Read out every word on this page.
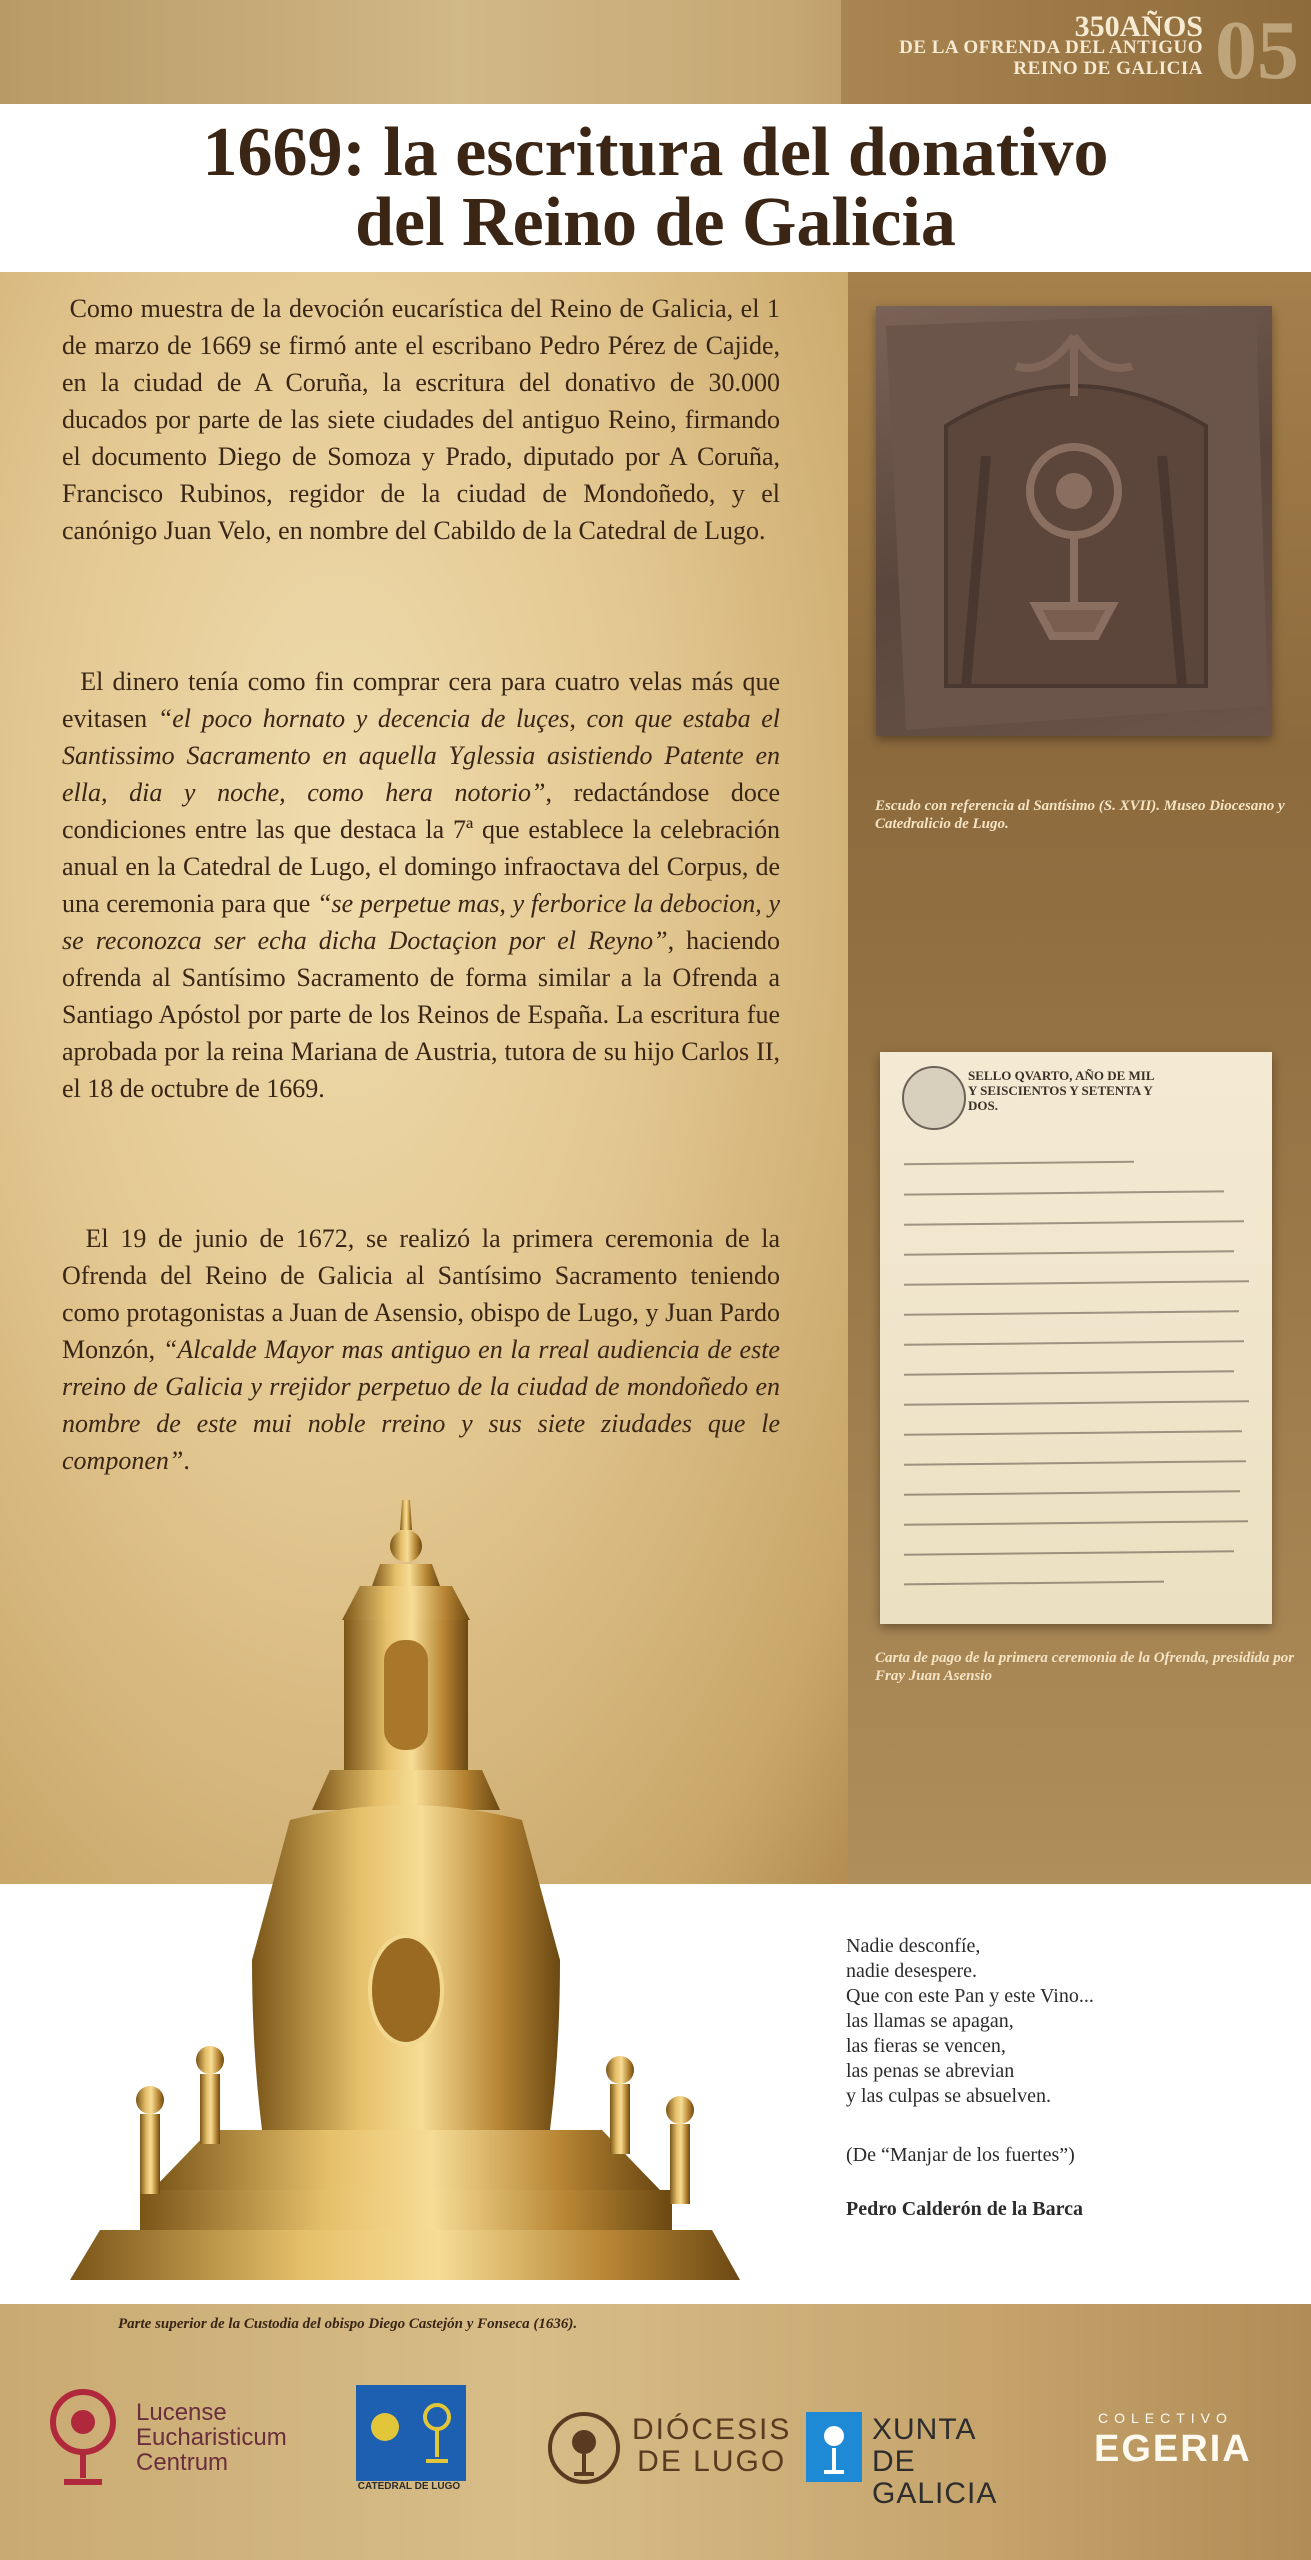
350AÑOS
DE LA OFRENDA DEL ANTIGUO
REINO DE GALICIA 05
1669: la escritura del donativo
del Reino de Galicia

Como muestra de la devoción eucarística del Reino de Galicia, el 1 de marzo de 1669 se firmó ante el escribano Pedro Pérez de Cajide, en la ciudad de A Coruña, la escritura del donativo de 30.000 ducados por parte de las siete ciudades del antiguo Reino, firmando el documento Diego de Somoza y Prado, diputado por A Coruña, Francisco Rubinos, regidor de la ciudad de Mondoñedo, y el canónigo Juan Velo, en nombre del Cabildo de la Catedral de Lugo.

El dinero tenía como fin comprar cera para cuatro velas más que evitasen “el poco hornato y decencia de luçes, con que estaba el Santissimo Sacramento en aquella Yglessia asistiendo Patente en ella, dia y noche, como hera notorio”, redactándose doce condiciones entre las que destaca la 7ª que establece la celebración anual en la Catedral de Lugo, el domingo infraoctava del Corpus, de una ceremonia para que “se perpetue mas, y ferborice la debocion, y se reconozca ser echa dicha Doctaçion por el Reyno”, haciendo ofrenda al Santísimo Sacramento de forma similar a la Ofrenda a Santiago Apóstol por parte de los Reinos de España. La escritura fue aprobada por la reina Mariana de Austria, tutora de su hijo Carlos II, el 18 de octubre de 1669.

El 19 de junio de 1672, se realizó la primera ceremonia de la Ofrenda del Reino de Galicia al Santísimo Sacramento teniendo como protagonistas a Juan de Asensio, obispo de Lugo, y Juan Pardo Monzón, “Alcalde Mayor mas antiguo en la rreal audiencia de este rreino de Galicia y rrejidor perpetuo de la ciudad de mondoñedo en nombre de este mui noble rreino y sus siete ziudades que le componen”.

Escudo con referencia al Santísimo (S. XVII). Museo Diocesano y Catedralicio de Lugo.

SELLO QVARTO, AÑO DE MIL
Y SEISCIENTOS Y SETENTA Y
DOS.

Carta de pago de la primera ceremonia de la Ofrenda, presidida por Fray Juan Asensio

Nadie desconfíe,
nadie desespere.
Que con este Pan y este Vino...
las llamas se apagan,
las fieras se vencen,
las penas se abrevian
y las culpas se absuelven.

(De “Manjar de los fuertes”)

Pedro Calderón de la Barca

Parte superior de la Custodia del obispo Diego Castejón y Fonseca (1636).

Lucense
Eucharisticum
Centrum
CATEDRAL DE LUGO
DIÓCESIS
DE LUGO
XUNTA
DE GALICIA
COLECTIVO
EGERIA
